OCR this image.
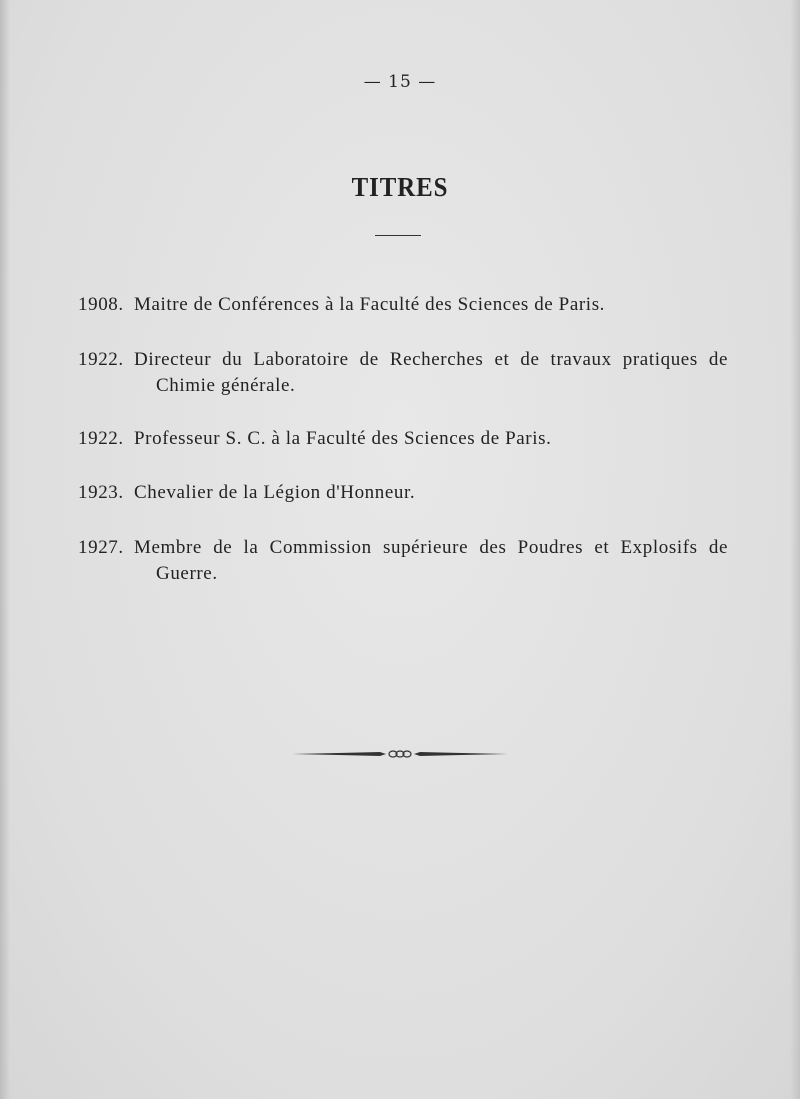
— 15 —
TITRES
1908. Maitre de Conférences à la Faculté des Sciences de Paris.
1922. Directeur du Laboratoire de Recherches et de travaux pratiques de
Chimie générale.
1922. Professeur S. C. à la Faculté des Sciences de Paris.
1923. Chevalier de la Légion d'Honneur.
1927. Membre de la Commission supérieure des Poudres et Explosifs de
Guerre.
